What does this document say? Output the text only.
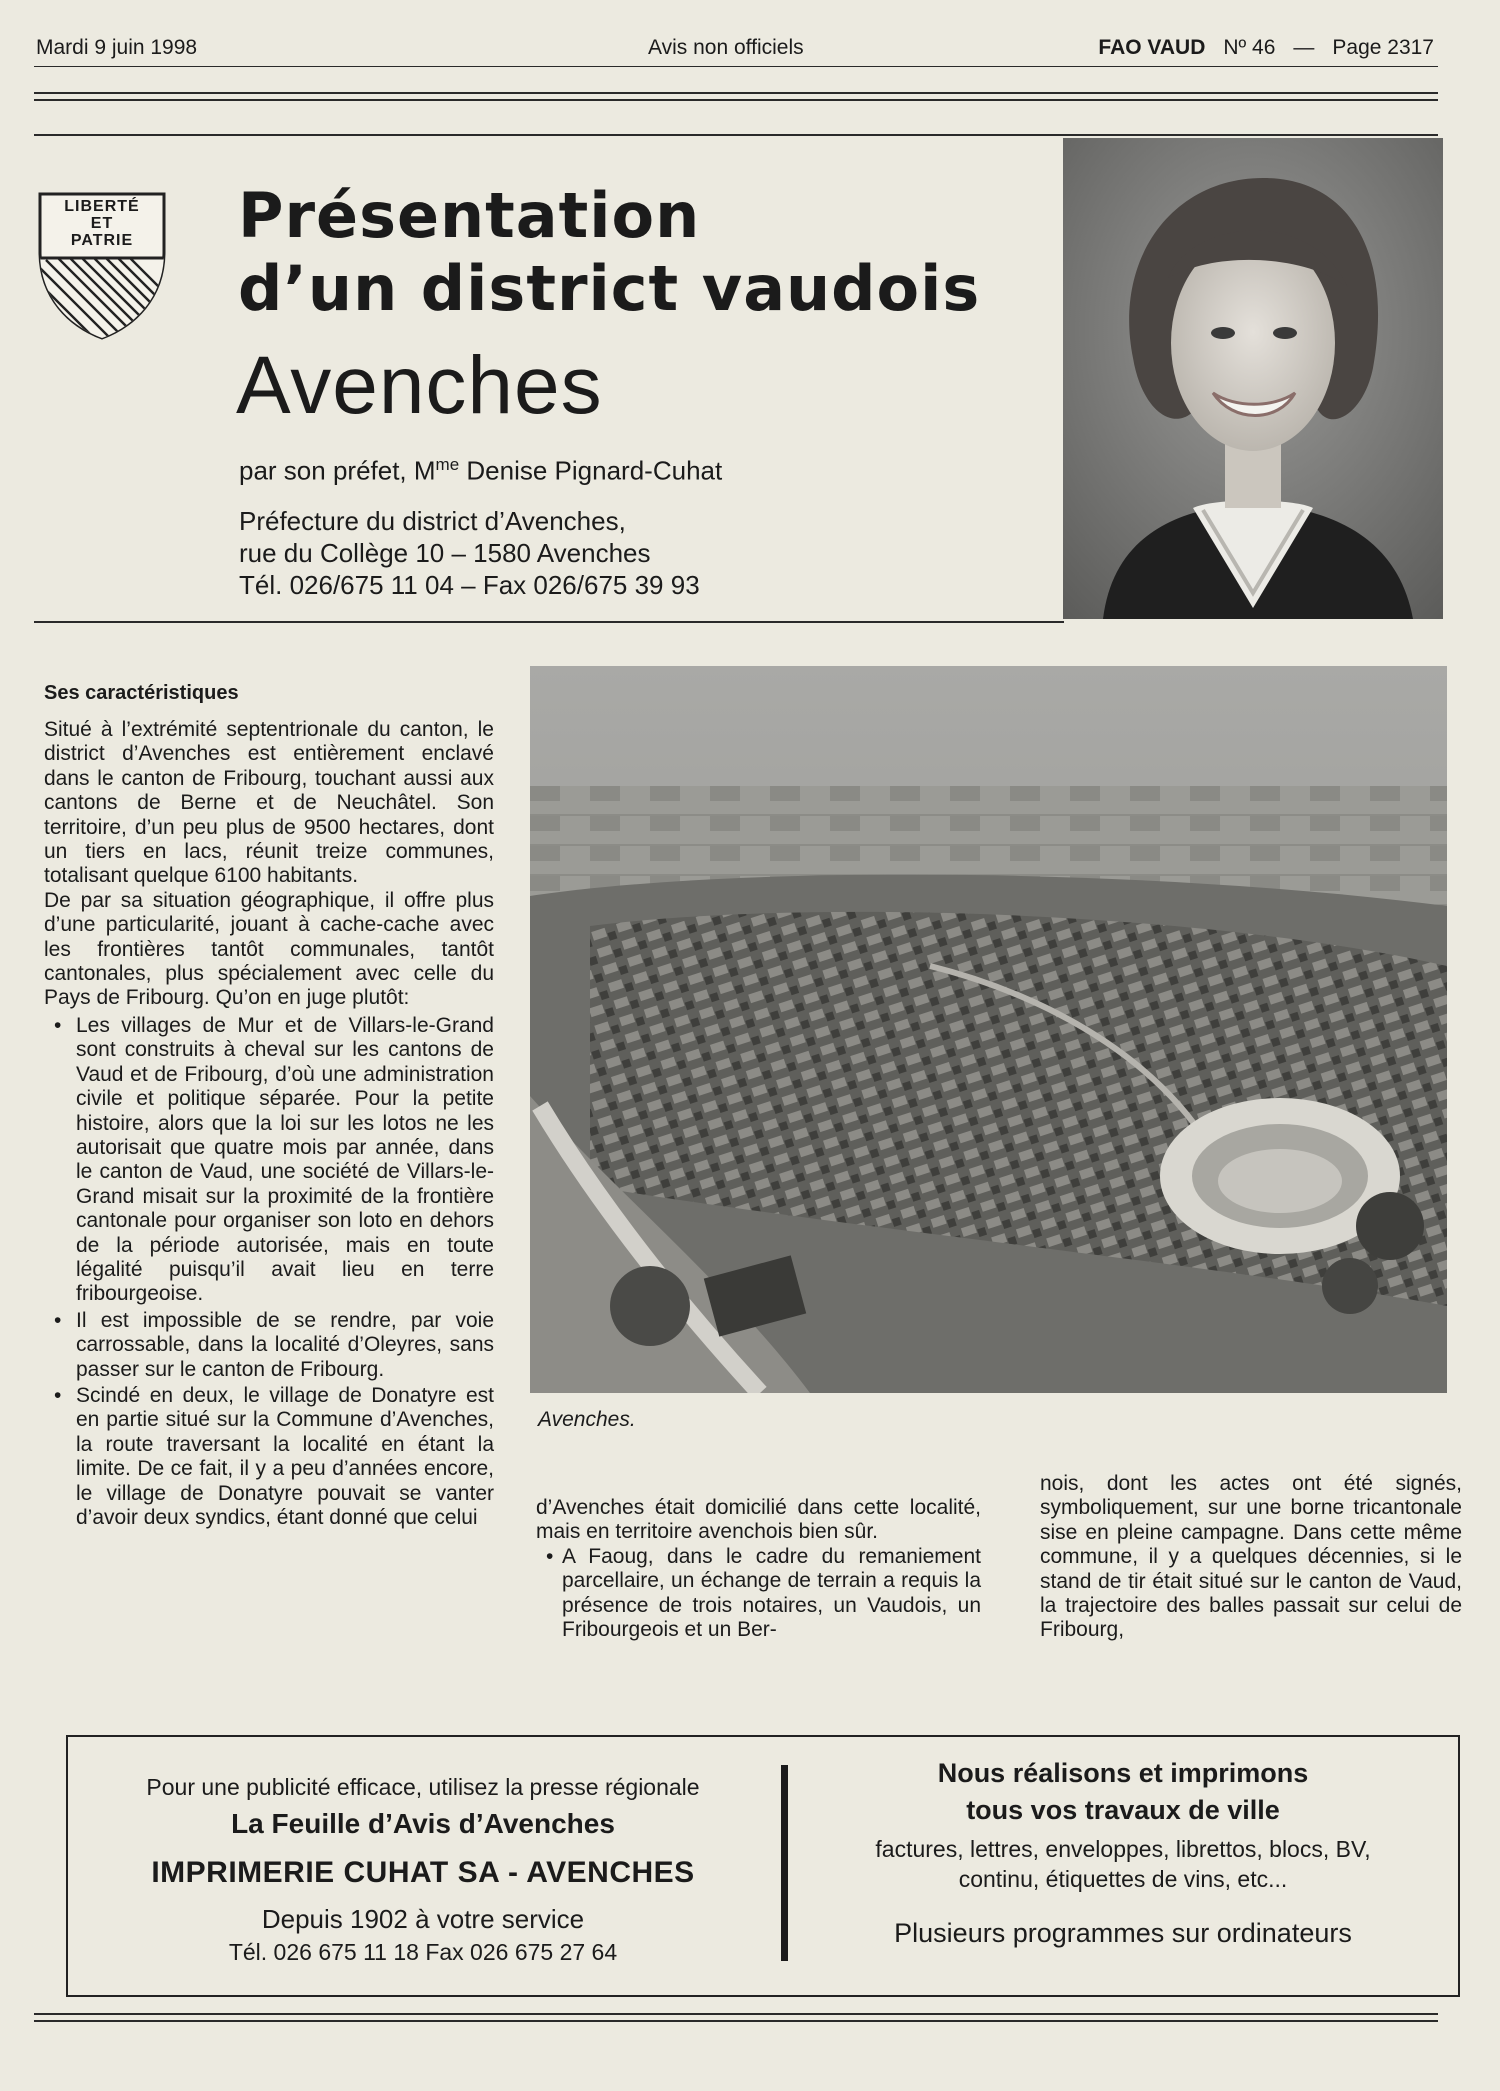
Mardi 9 juin 1998	Avis non officiels	FAO VAUD Nº 46 — Page 2317
LIBERTÉ
ET
PATRIE	Présentation
d’un district vaudois
Avenches
par son préfet, $M^{me}$ Denise Pignard-Cuhat
Préfecture du district d’Avenches,
rue du Collège 10 – 1580 Avenches
Tél. 026/675 11 04 – Fax 026/675 39 93
Ses caractéristiques

Situé à l’extrémité septentrionale du canton, le district d’Avenches est entièrement enclavé dans le canton de Fribourg, touchant aussi aux cantons de Berne et de Neuchâtel. Son territoire, d’un peu plus de 9500 hectares, dont un tiers en lacs, réunit treize communes, totalisant quelque 6100 habitants.

De par sa situation géographique, il offre plus d’une particularité, jouant à cache-cache avec les frontières tantôt communales, tantôt cantonales, plus spécialement avec celle du Pays de Fribourg. Qu’on en juge plutôt:

• Les villages de Mur et de Villars-le-Grand sont construits à cheval sur les cantons de Vaud et de Fribourg, d’où une administration civile et politique séparée. Pour la petite histoire, alors que la loi sur les lotos ne les autorisait que quatre mois par année, dans le canton de Vaud, une société de Villars-le-Grand misait sur la proximité de la frontière cantonale pour organiser son loto en dehors de la période autorisée, mais en toute légalité puisqu’il avait lieu en terre fribourgeoise.
• Il est impossible de se rendre, par voie carrossable, dans la localité d’Oleyres, sans passer sur le canton de Fribourg.
• Scindé en deux, le village de Donatyre est en partie situé sur la Commune d’Avenches, la route traversant la localité en étant la limite. De ce fait, il y a peu d’années encore, le village de Donatyre pouvait se vanter d’avoir deux syndics, étant donné que celui
Avenches.

d’Avenches était domicilié dans cette localité, mais en territoire avenchois bien sûr.

• A Faoug, dans le cadre du remaniement parcellaire, un échange de terrain a requis la présence de trois notaires, un Vaudois, un Fribourgeois et un Ber-

nois, dont les actes ont été signés, symboliquement, sur une borne tricantonale sise en pleine campagne. Dans cette même commune, il y a quelques décennies, si le stand de tir était situé sur le canton de Vaud, la trajectoire des balles passait sur celui de Fribourg,

Pour une publicité efficace, utilisez la presse régionale
La Feuille d’Avis d’Avenches
IMPRIMERIE CUHAT SA - AVENCHES
Depuis 1902 à votre service
Tél. 026 675 11 18 Fax 026 675 27 64
Nous réalisons et imprimons
tous vos travaux de ville
factures, lettres, enveloppes, librettos, blocs, BV,
continu, étiquettes de vins, etc...
Plusieurs programmes sur ordinateurs
